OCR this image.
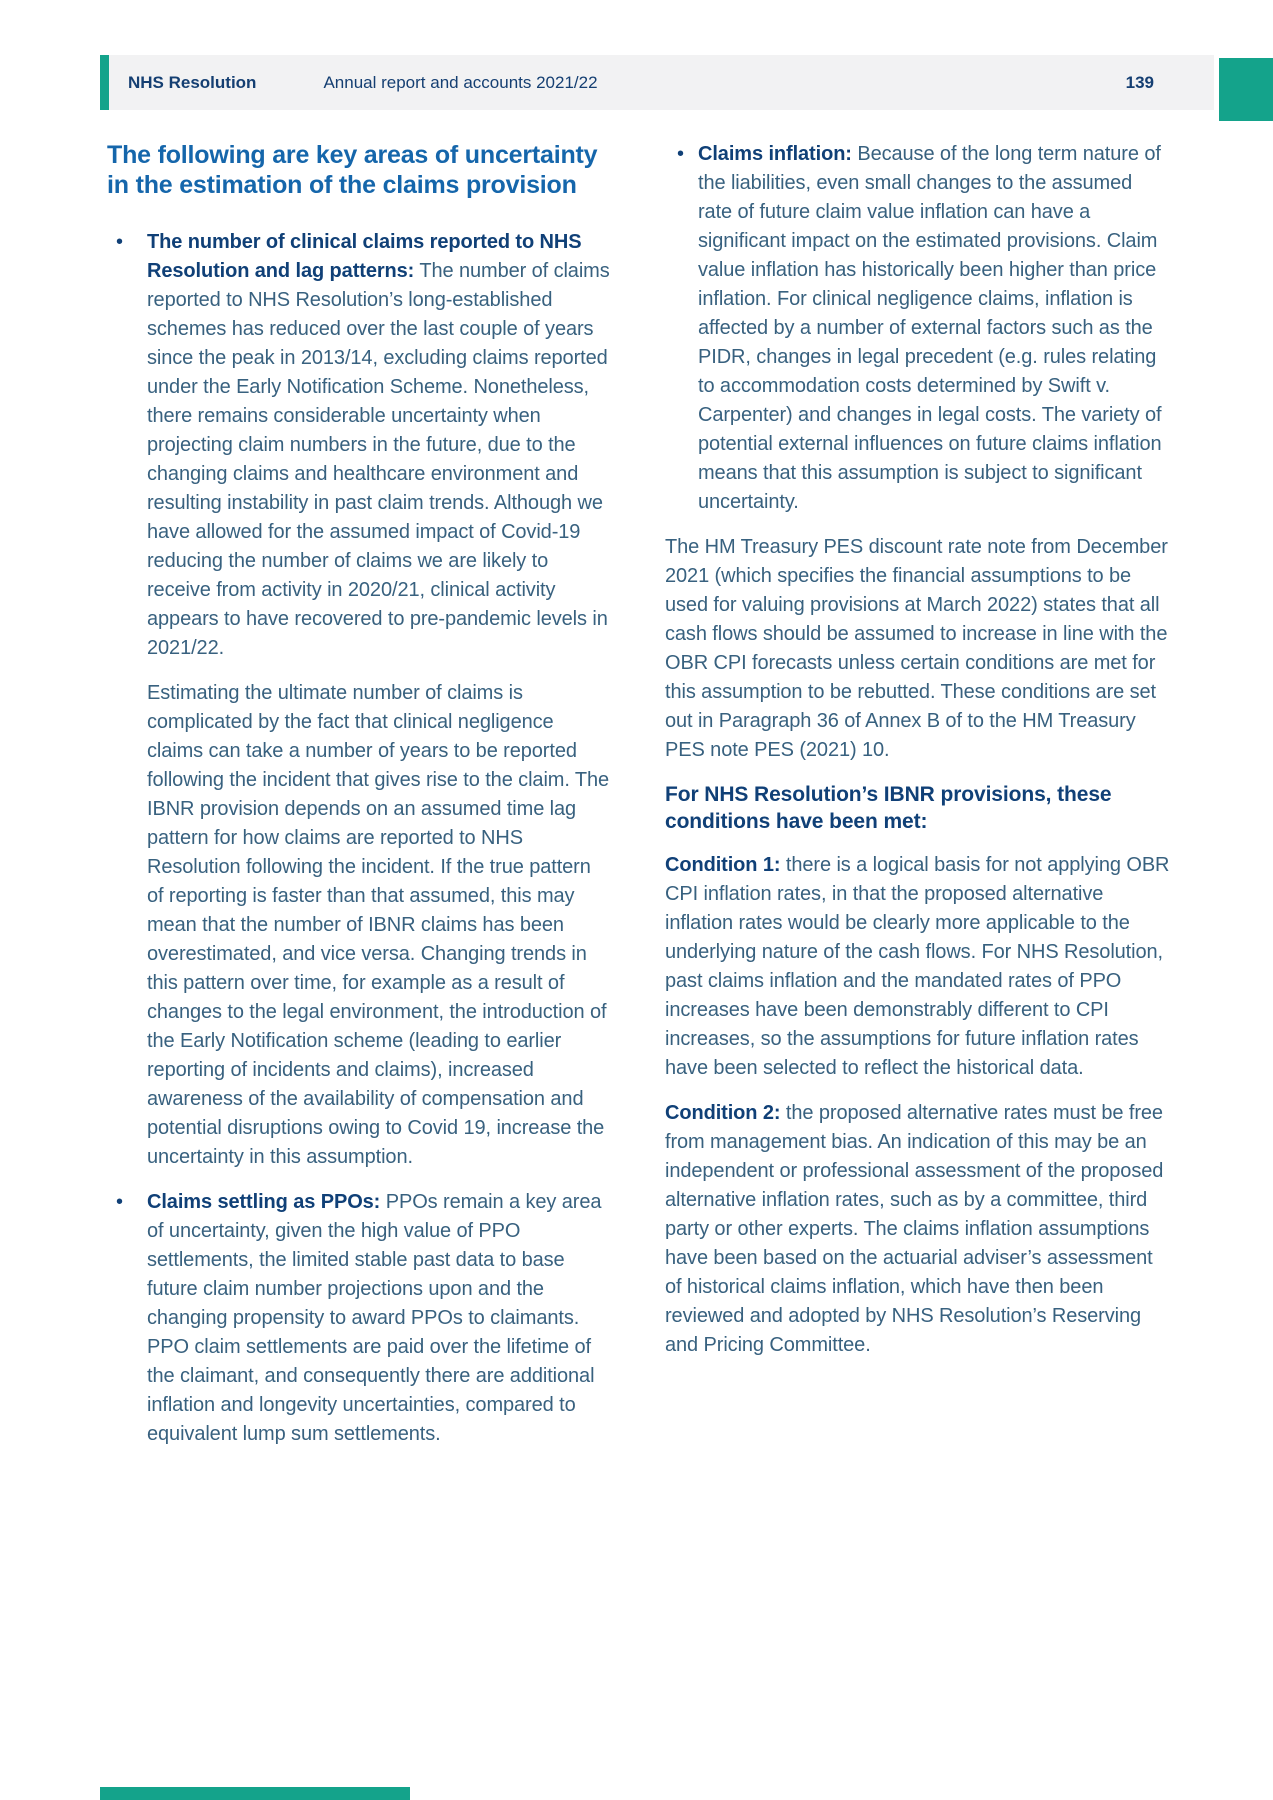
NHS Resolution	Annual report and accounts 2021/22	139
The following are key areas of uncertainty in the estimation of the claims provision
•

The number of clinical claims reported to NHS Resolution and lag patterns: The number of claims reported to NHS Resolution’s long-established schemes has reduced over the last couple of years since the peak in 2013/14, excluding claims reported under the Early Notification Scheme. Nonetheless, there remains considerable uncertainty when projecting claim numbers in the future, due to the changing claims and healthcare environment and resulting instability in past claim trends. Although we have allowed for the assumed impact of Covid-19 reducing the number of claims we are likely to receive from activity in 2020/21, clinical activity appears to have recovered to pre-pandemic levels in 2021/22.

Estimating the ultimate number of claims is complicated by the fact that clinical negligence claims can take a number of years to be reported following the incident that gives rise to the claim. The IBNR provision depends on an assumed time lag pattern for how claims are reported to NHS Resolution following the incident. If the true pattern of reporting is faster than that assumed, this may mean that the number of IBNR claims has been overestimated, and vice versa. Changing trends in this pattern over time, for example as a result of changes to the legal environment, the introduction of the Early Notification scheme (leading to earlier reporting of incidents and claims), increased awareness of the availability of compensation and potential disruptions owing to Covid 19, increase the uncertainty in this assumption.

•

Claims settling as PPOs: PPOs remain a key area of uncertainty, given the high value of PPO settlements, the limited stable past data to base future claim number projections upon and the changing propensity to award PPOs to claimants. PPO claim settlements are paid over the lifetime of the claimant, and consequently there are additional inflation and longevity uncertainties, compared to equivalent lump sum settlements.

•

Claims inflation: Because of the long term nature of the liabilities, even small changes to the assumed rate of future claim value inflation can have a significant impact on the estimated provisions. Claim value inflation has historically been higher than price inflation. For clinical negligence claims, inflation is affected by a number of external factors such as the PIDR, changes in legal precedent (e.g. rules relating to accommodation costs determined by Swift v. Carpenter) and changes in legal costs. The variety of potential external influences on future claims inflation means that this assumption is subject to significant uncertainty.

The HM Treasury PES discount rate note from December 2021 (which specifies the financial assumptions to be used for valuing provisions at March 2022) states that all cash flows should be assumed to increase in line with the OBR CPI forecasts unless certain conditions are met for this assumption to be rebutted. These conditions are set out in Paragraph 36 of Annex B of to the HM Treasury PES note PES (2021) 10.

For NHS Resolution’s IBNR provisions, these conditions have been met:

Condition 1: there is a logical basis for not applying OBR CPI inflation rates, in that the proposed alternative inflation rates would be clearly more applicable to the underlying nature of the cash flows. For NHS Resolution, past claims inflation and the mandated rates of PPO increases have been demonstrably different to CPI increases, so the assumptions for future inflation rates have been selected to reflect the historical data.

Condition 2: the proposed alternative rates must be free from management bias. An indication of this may be an independent or professional assessment of the proposed alternative inflation rates, such as by a committee, third party or other experts. The claims inflation assumptions have been based on the actuarial adviser’s assessment of historical claims inflation, which have then been reviewed and adopted by NHS Resolution’s Reserving and Pricing Committee.
